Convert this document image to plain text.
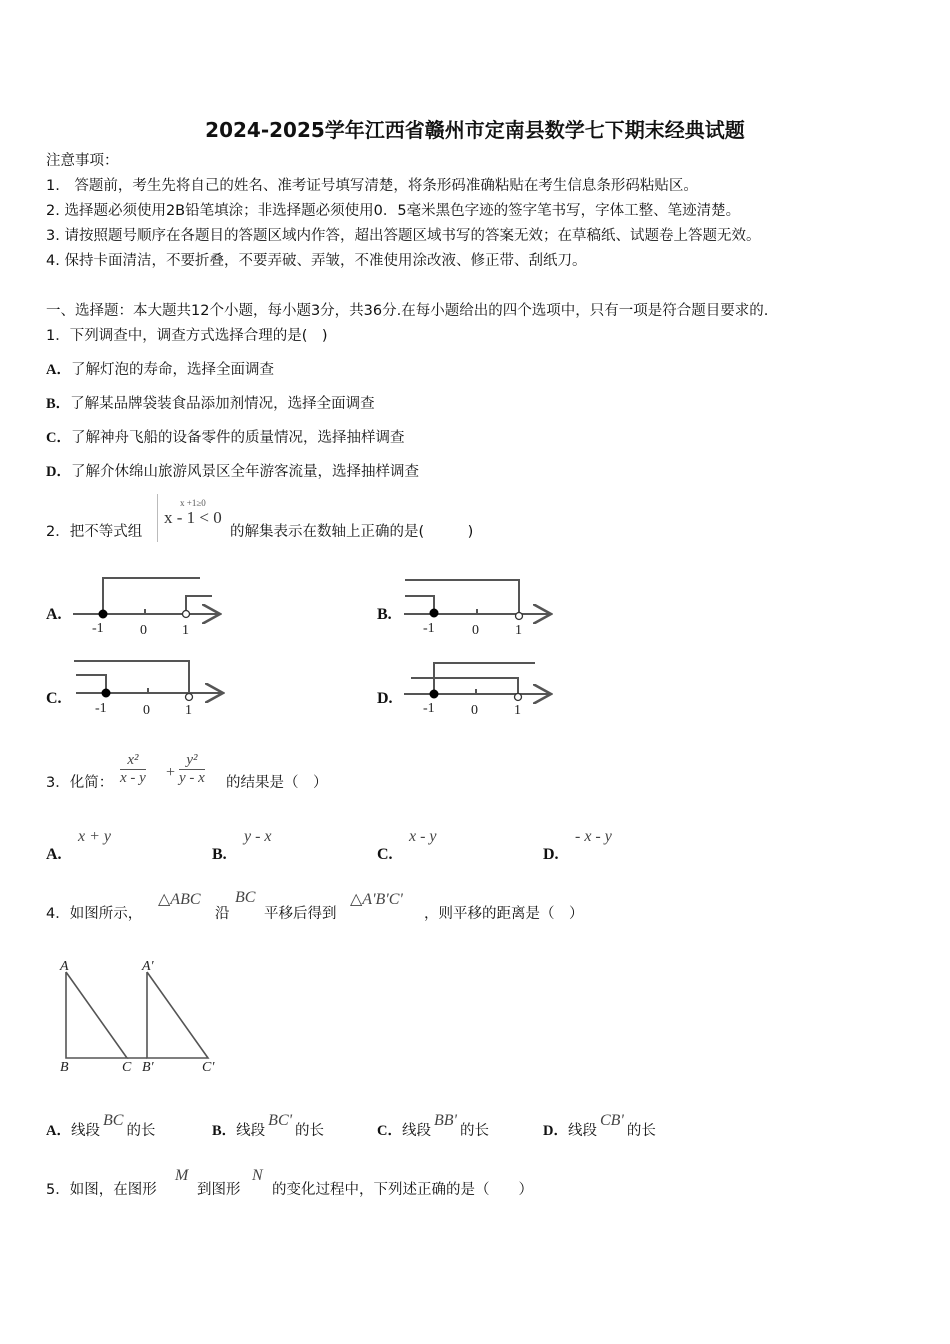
2024-2025学年江西省赣州市定南县数学七下期末经典试题
注意事项：
1.　答题前，考生先将自己的姓名、准考证号填写清楚，将条形码准确粘贴在考生信息条形码粘贴区。
2. 选择题必须使用2B铅笔填涂；非选择题必须使用0．5毫米黑色字迹的签字笔书写，字体工整、笔迹清楚。
3. 请按照题号顺序在各题目的答题区域内作答，超出答题区域书写的答案无效；在草稿纸、试题卷上答题无效。
4. 保持卡面清洁，不要折叠，不要弄破、弄皱，不准使用涂改液、修正带、刮纸刀。
一、选择题：本大题共12个小题，每小题3分，共36分.在每小题给出的四个选项中，只有一项是符合题目要求的.
1．下列调查中，调查方式选择合理的是(　)
A．了解灯泡的寿命，选择全面调查
B．了解某品牌袋装食品添加剂情况，选择全面调查
C．了解神舟飞船的设备零件的质量情况，选择抽样调查
D．了解介休绵山旅游风景区全年游客流量，选择抽样调查
2．把不等式组
x +1≥0
x - 1 < 0
的解集表示在数轴上正确的是(　　　)
A.	B.
C.	D.
-1	0	1	-1	0	1
-1	0	1	-1	0	1
A
B	C
A′
B′	C′
3．化简： $\frac{\text{x²}}{x - y} + \frac{\text{y²}}{y - x}$ 的结果是（　）
A.
x + y
B.
y - x
C.
x - y
D.
- x - y
4．如图所示，
△ABC
沿
BC
平移后得到
△A'B'C'
，则平移的距离是（　）
A．线段BC的长	B．线段BC'的长	C．线段BB'的长	D．线段CB'的长
5．如图，在图形
M
到图形
N
的变化过程中，下列述正确的是（　　）
